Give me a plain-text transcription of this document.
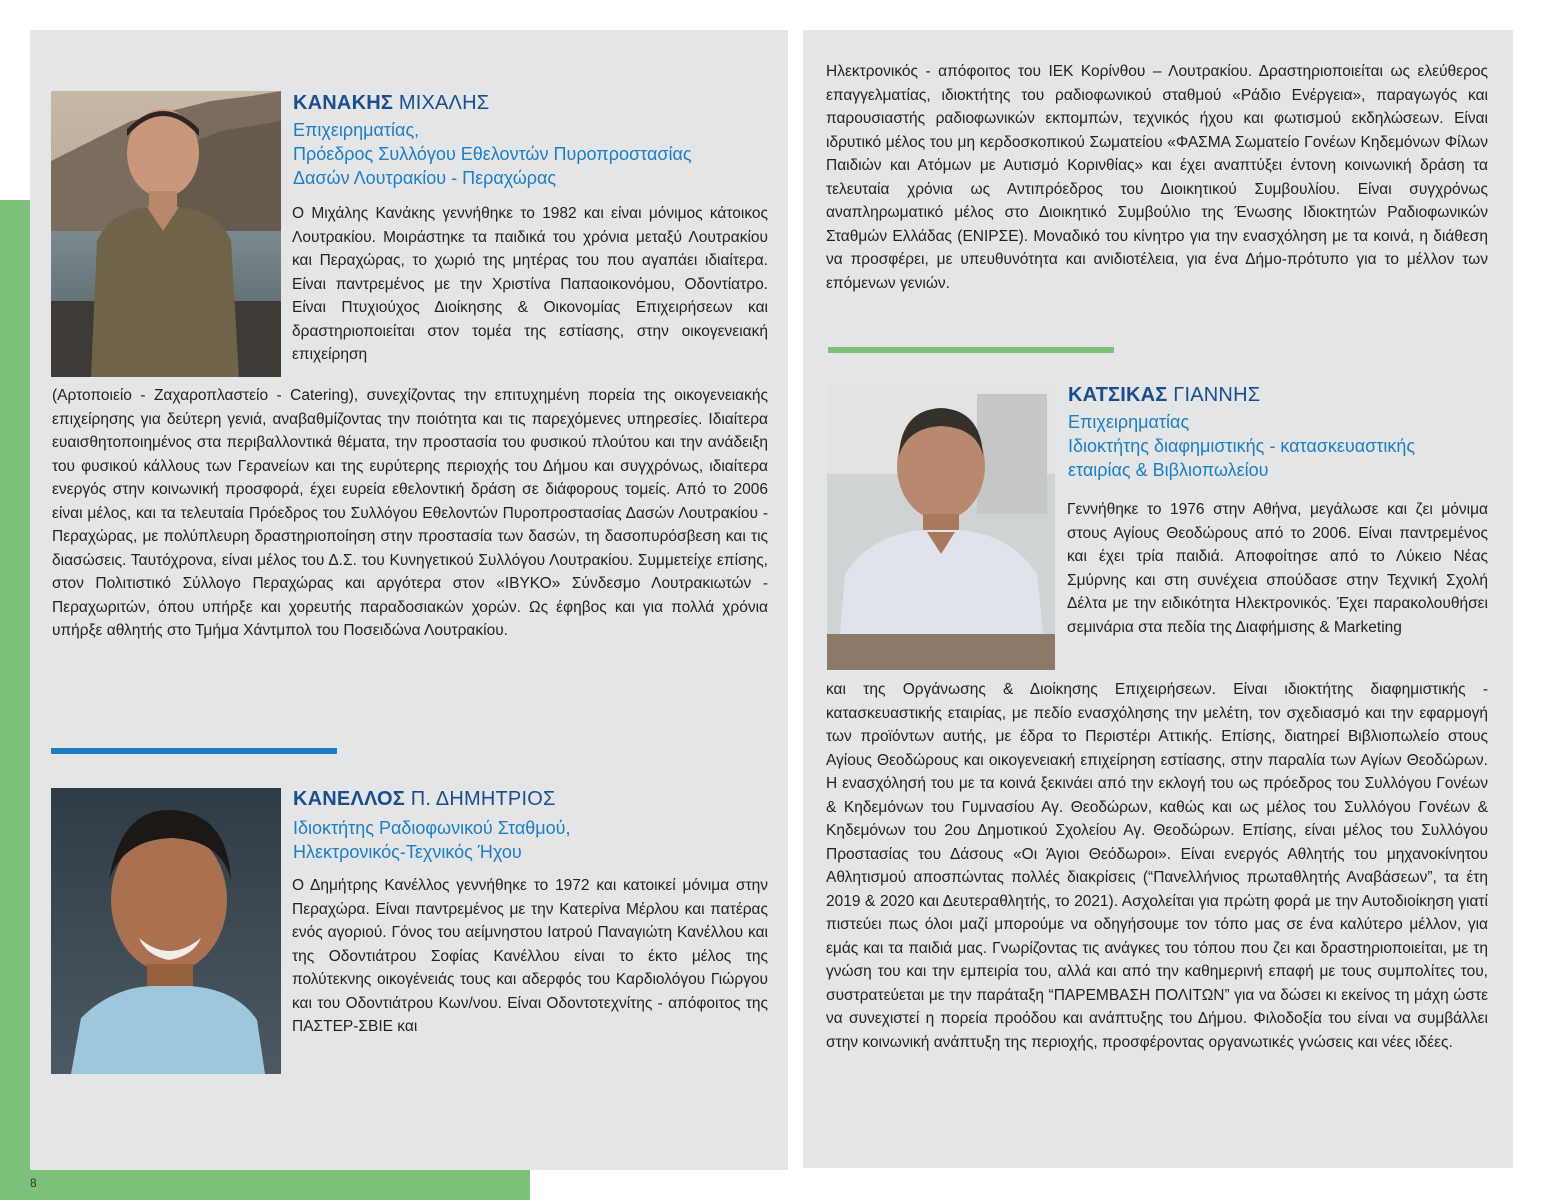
8
ΚΑΝΑΚΗΣ ΜΙΧΑΛΗΣ
Επιχειρηματίας,
Πρόεδρος Συλλόγου Εθελοντών Πυροπροστασίας
Δασών Λουτρακίου - Περαχώρας
Ο Μιχάλης Κανάκης γεννήθηκε το 1982 και είναι μόνιμος κάτοικος Λουτρακίου. Μοιράστηκε τα παιδικά του χρόνια μεταξύ Λουτρακίου και Περαχώρας, το χωριό της μητέρας του που αγαπάει ιδιαίτερα. Είναι παντρεμένος με την Χριστίνα Παπαοικονόμου, Οδοντίατρο. Είναι Πτυχιούχος Διοίκησης & Οικονομίας Επιχειρήσεων και δραστηριοποιείται στον τομέα της εστίασης, στην οικογενειακή επιχείρηση
(Αρτοποιείο - Ζαχαροπλαστείο - Catering), συνεχίζοντας την επιτυχημένη πορεία της οικογενειακής επιχείρησης για δεύτερη γενιά, αναβαθμίζοντας την ποιότητα και τις παρεχόμενες υπηρεσίες. Ιδιαίτερα ευαισθητοποιημένος στα περιβαλλοντικά θέματα, την προστασία του φυσικού πλούτου και την ανάδειξη του φυσικού κάλλους των Γερανείων και της ευρύτερης περιοχής του Δήμου και συγχρόνως, ιδιαίτερα ενεργός στην κοινωνική προσφορά, έχει ευρεία εθελοντική δράση σε διάφορους τομείς. Από το 2006 είναι μέλος, και τα τελευταία Πρόεδρος του Συλλόγου Εθελοντών Πυροπροστασίας Δασών Λουτρακίου - Περαχώρας, με πολύπλευρη δραστηριοποίηση στην προστασία των δασών, τη δασοπυρόσβεση και τις διασώσεις. Ταυτόχρονα, είναι μέλος του Δ.Σ. του Κυνηγετικού Συλλόγου Λουτρακίου. Συμμετείχε επίσης, στον Πολιτιστικό Σύλλογο Περαχώρας και αργότερα στον «ΙΒΥΚΟ» Σύνδεσμο Λουτρακιωτών - Περαχωριτών, όπου υπήρξε και χορευτής παραδοσιακών χορών. Ως έφηβος και για πολλά χρόνια υπήρξε αθλητής στο Τμήμα Χάντμπολ του Ποσειδώνα Λουτρακίου.
ΚΑΝΕΛΛΟΣ Π. ΔΗΜΗΤΡΙΟΣ
Ιδιοκτήτης Ραδιοφωνικού Σταθμού,
Ηλεκτρονικός-Τεχνικός Ήχου
Ο Δημήτρης Κανέλλος γεννήθηκε το 1972 και κατοικεί μόνιμα στην Περαχώρα. Είναι παντρεμένος με την Κατερίνα Μέρλου και πατέρας ενός αγοριού. Γόνος του αείμνηστου Ιατρού Παναγιώτη Κανέλλου και της Οδοντιάτρου Σοφίας Κανέλλου είναι το έκτο μέλος της πολύτεκνης οικογένειάς τους και αδερφός του Καρδιολόγου Γιώργου και του Οδοντιάτρου Κων/νου. Είναι Οδοντοτεχνίτης - απόφοιτος της ΠΑΣΤΕΡ-ΣΒΙΕ και
Ηλεκτρονικός - απόφοιτος του ΙΕΚ Κορίνθου – Λουτρακίου. Δραστηριοποιείται ως ελεύθερος επαγγελματίας, ιδιοκτήτης του ραδιοφωνικού σταθμού «Ράδιο Ενέργεια», παραγωγός και παρουσιαστής ραδιοφωνικών εκπομπών, τεχνικός ήχου και φωτισμού εκδηλώσεων. Είναι ιδρυτικό μέλος του μη κερδοσκοπικού Σωματείου «ΦΑΣΜΑ Σωματείο Γονέων Κηδεμόνων Φίλων Παιδιών και Ατόμων με Αυτισμό Κορινθίας» και έχει αναπτύξει έντονη κοινωνική δράση τα τελευταία χρόνια ως Αντιπρόεδρος του Διοικητικού Συμβουλίου. Είναι συγχρόνως αναπληρωματικό μέλος στο Διοικητικό Συμβούλιο της Ένωσης Ιδιοκτητών Ραδιοφωνικών Σταθμών Ελλάδας (ΕΝΙΡΣΕ). Μοναδικό του κίνητρο για την ενασχόληση με τα κοινά, η διάθεση να προσφέρει, με υπευθυνότητα και ανιδιοτέλεια, για ένα Δήμο-πρότυπο για το μέλλον των επόμενων γενιών.
ΚΑΤΣΙΚΑΣ ΓΙΑΝΝΗΣ
Επιχειρηματίας
Ιδιοκτήτης διαφημιστικής - κατασκευαστικής
εταιρίας & Βιβλιοπωλείου
Γεννήθηκε το 1976 στην Αθήνα, μεγάλωσε και ζει μόνιμα στους Αγίους Θεοδώρους από το 2006. Είναι παντρεμένος και έχει τρία παιδιά. Αποφοίτησε από το Λύκειο Νέας Σμύρνης και στη συνέχεια σπούδασε στην Τεχνική Σχολή Δέλτα με την ειδικότητα Ηλεκτρονικός. Έχει παρακολουθήσει σεμινάρια στα πεδία της Διαφήμισης & Marketing
και της Οργάνωσης & Διοίκησης Επιχειρήσεων. Είναι ιδιοκτήτης διαφημιστικής - κατασκευαστικής εταιρίας, με πεδίο ενασχόλησης την μελέτη, τον σχεδιασμό και την εφαρμογή των προϊόντων αυτής, με έδρα το Περιστέρι Αττικής. Επίσης, διατηρεί Βιβλιοπωλείο στους Αγίους Θεοδώρους και οικογενειακή επιχείρηση εστίασης, στην παραλία των Αγίων Θεοδώρων. Η ενασχόλησή του με τα κοινά ξεκινάει από την εκλογή του ως πρόεδρος του Συλλόγου Γονέων & Κηδεμόνων του Γυμνασίου Αγ. Θεοδώρων, καθώς και ως μέλος του Συλλόγου Γονέων & Κηδεμόνων του 2ου Δημοτικού Σχολείου Αγ. Θεοδώρων. Επίσης, είναι μέλος του Συλλόγου Προστασίας του Δάσους «Οι Άγιοι Θεόδωροι». Είναι ενεργός Αθλητής του μηχανοκίνητου Αθλητισμού αποσπώντας πολλές διακρίσεις (“Πανελλήνιος πρωταθλητής Αναβάσεων”, τα έτη 2019 & 2020 και Δευτεραθλητής, το 2021). Ασχολείται για πρώτη φορά με την Αυτοδιοίκηση γιατί πιστεύει πως όλοι μαζί μπορούμε να οδηγήσουμε τον τόπο μας σε ένα καλύτερο μέλλον, για εμάς και τα παιδιά μας. Γνωρίζοντας τις ανάγκες του τόπου που ζει και δραστηριοποιείται, με τη γνώση του και την εμπειρία του, αλλά και από την καθημερινή επαφή με τους συμπολίτες του, συστρατεύεται με την παράταξη “ΠΑΡΕΜΒΑΣΗ ΠΟΛΙΤΩΝ” για να δώσει κι εκείνος τη μάχη ώστε να συνεχιστεί η πορεία προόδου και ανάπτυξης του Δήμου. Φιλοδοξία του είναι να συμβάλλει στην κοινωνική ανάπτυξη της περιοχής, προσφέροντας οργανωτικές γνώσεις και νέες ιδέες.
